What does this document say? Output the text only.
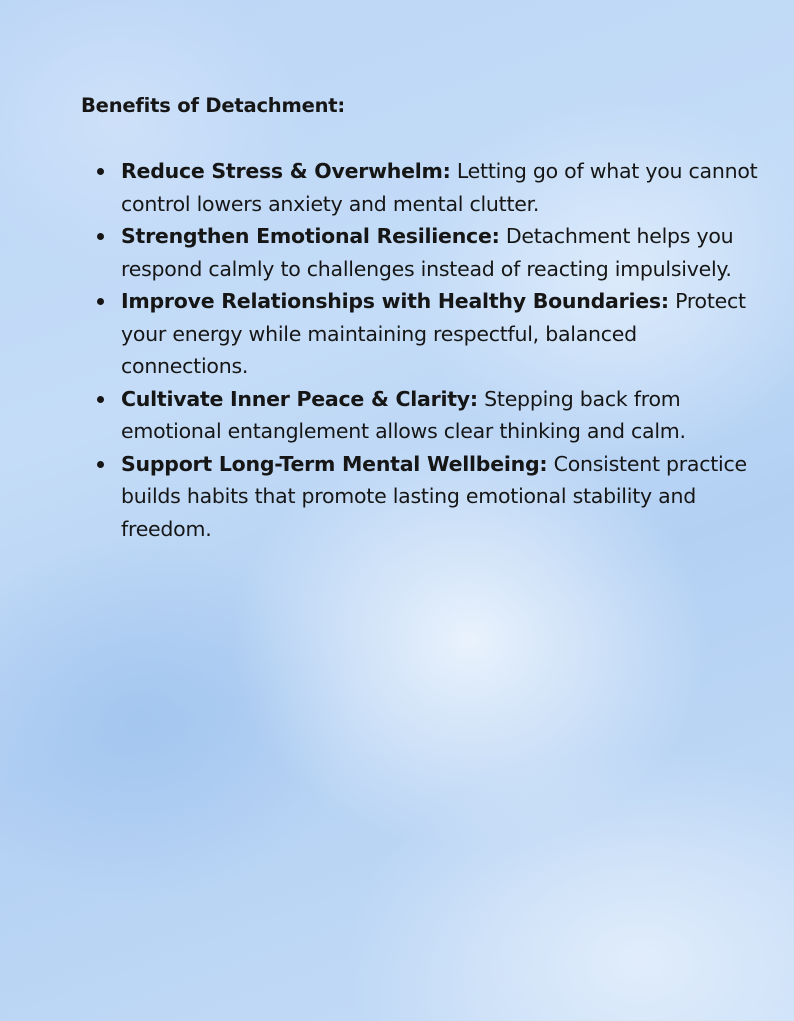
Benefits of Detachment:
Reduce Stress & Overwhelm: Letting go of what you cannot control lowers anxiety and mental clutter.
Strengthen Emotional Resilience: Detachment helps you respond calmly to challenges instead of reacting impulsively.
Improve Relationships with Healthy Boundaries: Protect your energy while maintaining respectful, balanced connections.
Cultivate Inner Peace & Clarity: Stepping back from emotional entanglement allows clear thinking and calm.
Support Long-Term Mental Wellbeing: Consistent practice builds habits that promote lasting emotional stability and freedom.
